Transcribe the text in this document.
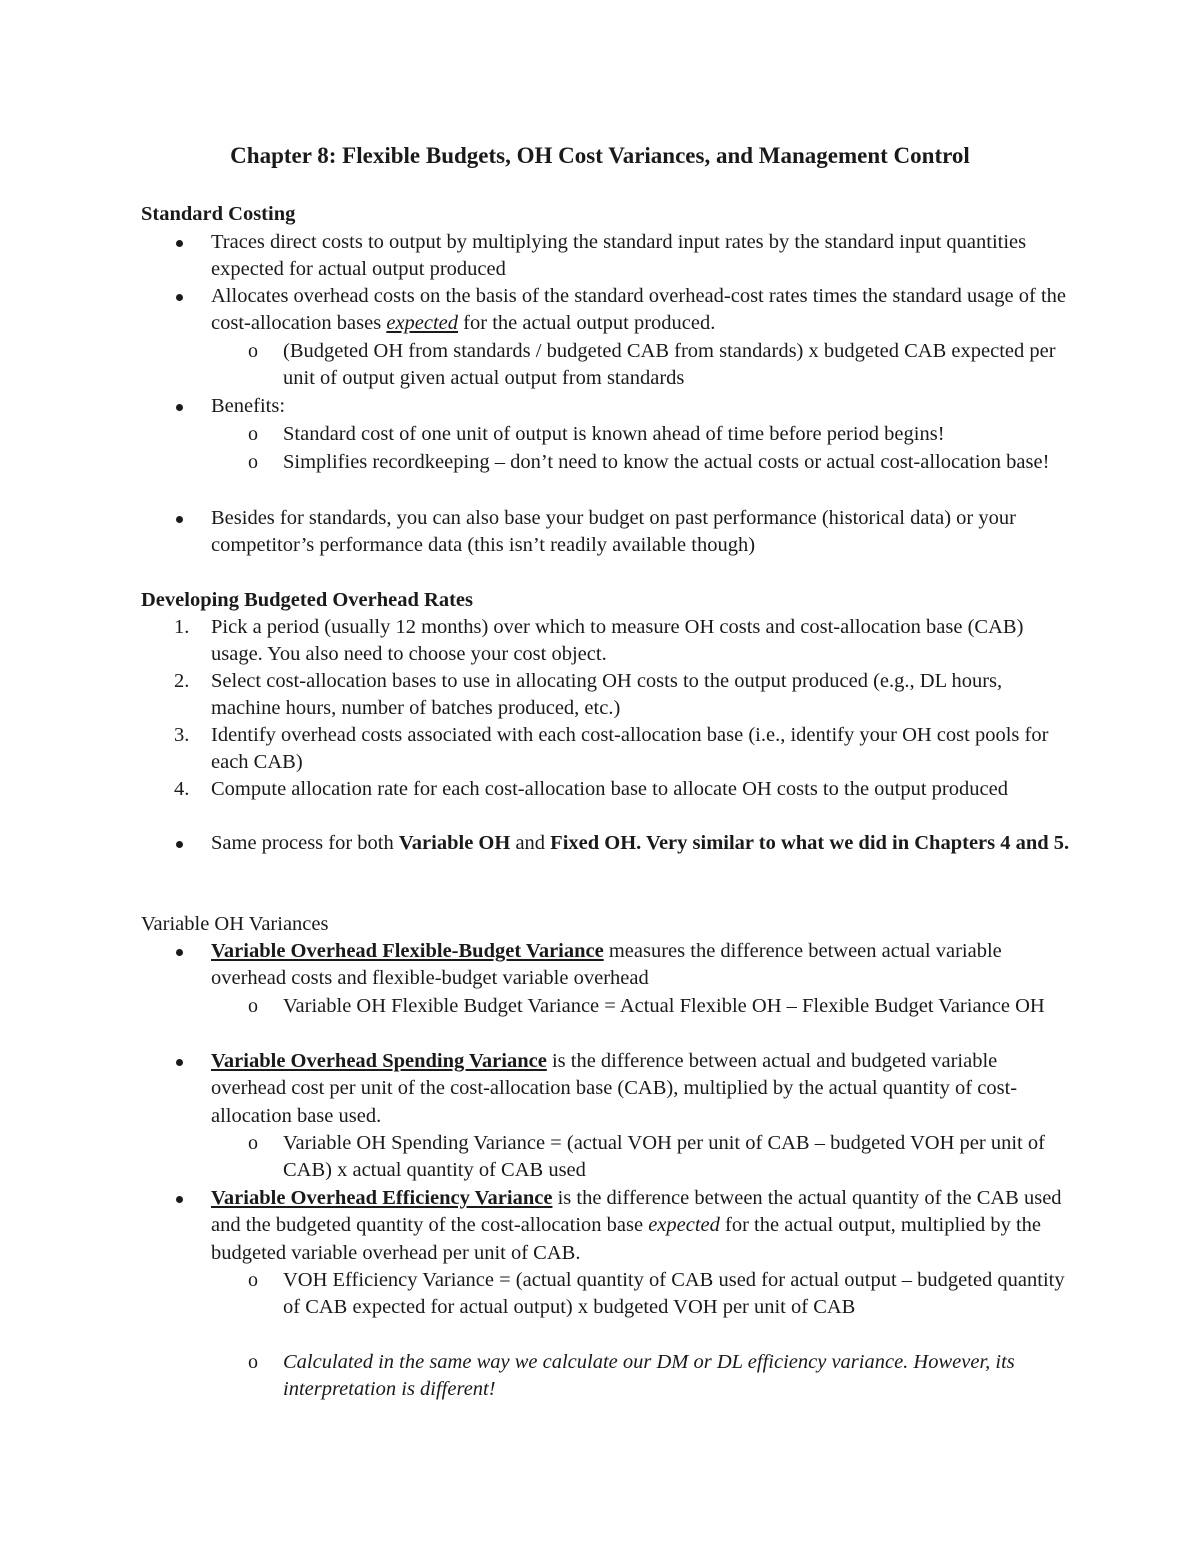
Chapter 8: Flexible Budgets, OH Cost Variances, and Management Control
Standard Costing
Traces direct costs to output by multiplying the standard input rates by the standard input quantities expected for actual output produced
Allocates overhead costs on the basis of the standard overhead-cost rates times the standard usage of the cost-allocation bases expected for the actual output produced.
o (Budgeted OH from standards / budgeted CAB from standards) x budgeted CAB expected per unit of output given actual output from standards
Benefits:
o Standard cost of one unit of output is known ahead of time before period begins!
o Simplifies recordkeeping – don’t need to know the actual costs or actual cost-allocation base!
Besides for standards, you can also base your budget on past performance (historical data) or your competitor’s performance data (this isn’t readily available though)
Developing Budgeted Overhead Rates
1. Pick a period (usually 12 months) over which to measure OH costs and cost-allocation base (CAB) usage. You also need to choose your cost object.
2. Select cost-allocation bases to use in allocating OH costs to the output produced (e.g., DL hours, machine hours, number of batches produced, etc.)
3. Identify overhead costs associated with each cost-allocation base (i.e., identify your OH cost pools for each CAB)
4. Compute allocation rate for each cost-allocation base to allocate OH costs to the output produced
Same process for both Variable OH and Fixed OH. Very similar to what we did in Chapters 4 and 5.
Variable OH Variances
Variable Overhead Flexible-Budget Variance measures the difference between actual variable overhead costs and flexible-budget variable overhead
o Variable OH Flexible Budget Variance = Actual Flexible OH – Flexible Budget Variance OH
Variable Overhead Spending Variance is the difference between actual and budgeted variable overhead cost per unit of the cost-allocation base (CAB), multiplied by the actual quantity of cost-allocation base used.
o Variable OH Spending Variance = (actual VOH per unit of CAB – budgeted VOH per unit of CAB) x actual quantity of CAB used
Variable Overhead Efficiency Variance is the difference between the actual quantity of the CAB used and the budgeted quantity of the cost-allocation base expected for the actual output, multiplied by the budgeted variable overhead per unit of CAB.
o VOH Efficiency Variance = (actual quantity of CAB used for actual output – budgeted quantity of CAB expected for actual output) x budgeted VOH per unit of CAB
o Calculated in the same way we calculate our DM or DL efficiency variance. However, its interpretation is different!
